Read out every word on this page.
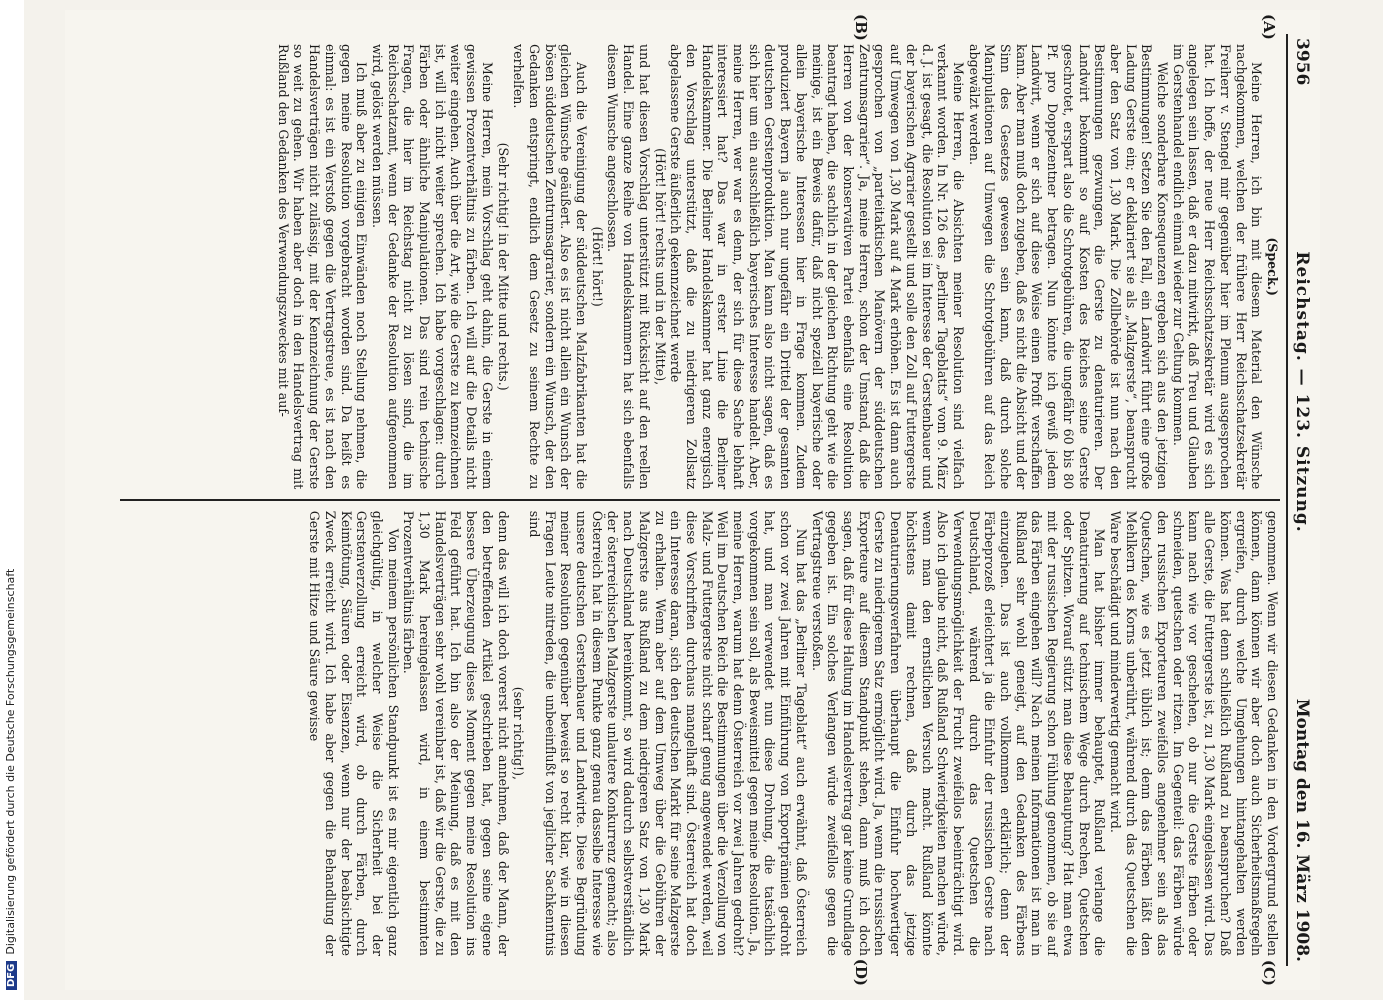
DFGDigitalisierung gefördert durch die Deutsche Forschungsgemeinschaft
3956
Reichstag. — 123. Sitzung.
Montag den 16. März 1908.
(A)
(B)
(C)
(D)

(Speck.)

Meine Herren, ich bin mit diesem Material den Wünsche nachgekommen, welchen der frühere Herr Reichsschatzsekretär Freiherr v. Stengel mir gegenüber hier im Plenum ausgesprochen hat. Ich hoffe, der neue Herr Reichsschatzsekretär wird es sich angelegen sein lassen, daß er dazu mitwirkt, daß Treu und Glauben im Gerstenhandel endlich einmal wieder zur Geltung kommen.

Welche sonderbare Konsequenzen ergeben sich aus den jetzigen Bestimmungen! Setzen Sie den Fall, ein Landwirt führt eine große Ladung Gerste ein; er deklariert sie als „Malzgerste“, beansprucht aber den Satz von 1,30 Mark. Die Zollbehörde ist nun nach den Bestimmungen gezwungen, die Gerste zu denaturieren. Der Landwirt bekommt so auf Kosten des Reiches seine Gerste geschrotet, erspart also die Schrotgebühren, die ungefähr 60 bis 80 Pf. pro Doppelzentner betragen. Nun könnte ich gewiß jedem Landwirt, wenn er sich auf diese Weise einen Profit verschaffen kann. Aber man muß doch zugeben, daß es nicht die Absicht und der Sinn des Gesetzes gewesen sein kann, daß durch solche Manipulationen auf Umwegen die Schrotgebühren auf das Reich abgewälzt werden.

Meine Herren, die Absichten meiner Resolution sind vielfach verkannt worden. In Nr. 126 des „Berliner Tageblatts“ vom 9. März d. J. ist gesagt, die Resolution sei im Interesse der Gerstenbauer und der bayerischen Agrarier gestellt und solle den Zoll auf Futtergerste auf Umwegen von 1,30 Mark auf 4 Mark erhöhen. Es ist dann auch gesprochen von „parteitaktischen Manövern der süddeutschen Zentrumsagrarier“. Ja, meine Herren, schon der Umstand, daß die Herren von der konservativen Partei ebenfalls eine Resolution beantragt haben, die sachlich in der gleichen Richtung geht wie die meinige, ist ein Beweis dafür, daß nicht speziell bayerische oder allein bayerische Interessen hier in Frage kommen. Zudem produziert Bayern ja auch nur ungefähr ein Drittel der gesamten deutschen Gerstenproduktion. Man kann also nicht sagen, daß es sich hier um ein ausschließlich bayerisches Interesse handelt. Aber, meine Herren, wer war es denn, der sich für diese Sache lebhaft interessiert hat? Das war in erster Linie die Berliner Handelskammer. Die Berliner Handelskammer hat ganz energisch den Vorschlag unterstützt, daß die zu niedrigeren Zollsatz abgelassene Gerste äußerlich gekennzeichnet werde

(Hört! hört! rechts und in der Mitte),

und hat diesen Vorschlag unterstützt mit Rücksicht auf den reellen Handel. Eine ganze Reihe von Handelskammern hat sich ebenfalls diesem Wunsche angeschlossen.

(Hört! hört!)

Auch die Vereinigung der süddeutschen Malzfabrikanten hat die gleichen Wünsche geäußert. Also es ist nicht allein ein Wunsch der bösen süddeutschen Zentrumsagrarier, sondern ein Wunsch, der den Gedanken entspringt, endlich dem Gesetz zu seinem Rechte zu verhelfen.

(Sehr richtig! in der Mitte und rechts.)

Meine Herren, mein Vorschlag geht dahin, die Gerste in einem gewissen Prozentverhältnis zu färben. Ich will auf die Details nicht weiter eingehen. Auch über die Art, wie die Gerste zu kennzeichnen ist, will ich nicht weiter sprechen. Ich habe vorgeschlagen: durch Färben oder ähnliche Manipulationen. Das sind rein technische Fragen, die hier im Reichstag nicht zu lösen sind, die im Reichsschatzamt, wenn der Gedanke der Resolution aufgenommen wird, gelöst werden müssen.

Ich muß aber zu einigen Einwänden noch Stellung nehmen, die gegen meine Resolution vorgebracht worden sind. Da heißt es einmal: es ist ein Verstoß gegen die Vertragstreue, es ist nach den Handelsverträgen nicht zulässig, mit der Kennzeichnung der Gerste so weit zu gehen. Wir haben aber doch in den Handelsvertrag mit Rußland den Gedanken des Verwendungszweckes mit auf-

genommen. Wenn wir diesen Gedanken in den Vordergrund stellen können, dann können wir aber doch auch Sicherheitsmaßregeln ergreifen, durch welche Umgehungen hintangehalten werden können. Was hat denn schließlich Rußland zu beanspruchen? Daß alle Gerste, die Futtergerste ist, zu 1,30 Mark eingelassen wird. Das kann nach wie vor geschehen, ob nur die Gerste färben oder schneiden, quetschen oder ritzen. Im Gegenteil: das Färben würde den russischen Exporteuren zweifellos angenehmer sein als das Quetschen, wie es jetzt üblich ist; denn das Färben läßt den Mehlkern des Korns unberührt, während durch das Quetschen die Ware beschädigt und minderwertig gemacht wird.

Man hat bisher immer behauptet, Rußland verlange die Denaturierung auf technischem Wege durch Brechen, Quetschen oder Spitzen. Worauf stützt man diese Behauptung? Hat man etwa mit der russischen Regierung schon Fühlung genommen, ob sie auf das Färben eingehen will? Nach meinen Informationen ist man in Rußland sehr wohl geneigt, auf den Gedanken des Färbens einzugehen. Das ist auch vollkommen erklärlich; denn der Färbeprozeß erleichtert ja die Einfuhr der russischen Gerste nach Deutschland, während durch das Quetschen die Verwendungsmöglichkeit der Frucht zweifellos beeinträchtigt wird. Also ich glaube nicht, daß Rußland Schwierigkeiten machen würde, wenn man den ernstlichen Versuch macht. Rußland könnte höchstens damit rechnen, daß durch das jetzige Denaturierungsverfahren überhaupt die Einfuhr hochwertiger Gerste zu niedrigerem Satz ermöglicht wird. Ja, wenn die russischen Exporteure auf diesem Standpunkt stehen, dann muß ich doch sagen, daß für diese Haltung im Handelsvertrag gar keine Grundlage gegeben ist. Ein solches Verlangen würde zweifellos gegen die Vertragstreue verstoßen.

Nun hat das „Berliner Tageblatt“ auch erwähnt, daß Österreich schon vor zwei Jahren mit Einführung von Exportprämien gedroht hat, und man verwendet nun diese Drohung, die tatsächlich vorgekommen sein soll, als Beweismittel gegen meine Resolution. Ja, meine Herren, warum hat denn Österreich vor zwei Jahren gedroht? Weil im Deutschen Reich die Bestimmungen über die Verzollung von Malz- und Futtergerste nicht scharf genug angewendet werden, weil diese Vorschriften durchaus mangelhaft sind. Österreich hat doch ein Interesse daran, sich den deutschen Markt für seine Malzgerste zu erhalten. Wenn aber auf dem Umweg über die Gebühren der Malzgerste aus Rußland zu dem niedrigeren Satz von 1,30 Mark nach Deutschland hereinkommt, so wird dadurch selbstverständlich der österreichischen Malzgerste unlautere Konkurrenz gemacht; also Österreich hat in diesem Punkte ganz genau dasselbe Interesse wie unsere deutschen Gerstenbauer und Landwirte. Diese Begründung meiner Resolution gegenüber beweist so recht klar, wie in diesen Fragen Leute mitreden, die unbeeinflußt von jeglicher Sachkenntnis sind

(sehr richtig!),

denn das will ich doch vorerst nicht annehmen, daß der Mann, der den betreffenden Artikel geschrieben hat, gegen seine eigene bessere Überzeugung dieses Moment gegen meine Resolution ins Feld geführt hat. Ich bin also der Meinung, daß es mit den Handelsverträgen sehr wohl vereinbar ist, daß wir die Gerste, die zu 1,30 Mark hereingelassen wird, in einem bestimmten Prozentverhältnis färben.

Von meinem persönlichen Standpunkt ist es mir eigentlich ganz gleichgültig, in welcher Weise die Sicherheit bei der Gerstenverzollung erreicht wird, ob durch Färben, durch Keimtötung, Säuren oder Eisenzen, wenn nur der beabsichtigte Zweck erreicht wird. Ich habe aber gegen die Behandlung der Gerste mit Hitze und Säure gewisse
